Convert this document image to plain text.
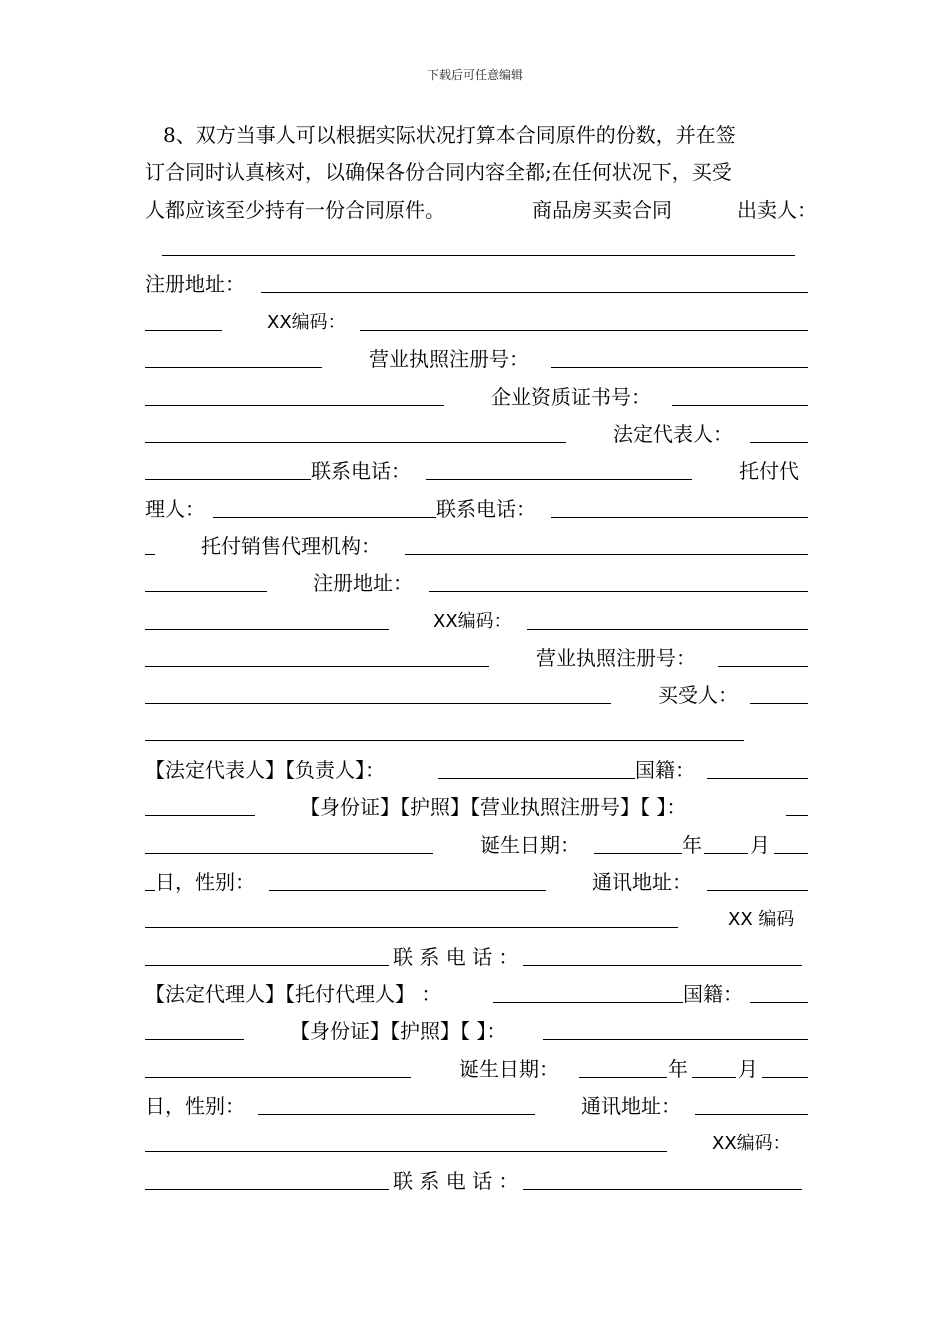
下载后可任意编辑
8、双方当事人可以根据实际状况打算本合同原件的份数，并在签
订合同时认真核对，以确保各份合同内容全都;在任何状况下，买受
人都应该至少持有一份合同原件。	商品房买卖合同	出卖人：
注册地址：
XX编码：
营业执照注册号：
企业资质证书号：
法定代表人：
联系电话：	托付代
理人：	联系电话：
托付销售代理机构：
注册地址：
XX编码：
营业执照注册号：
买受人：
【法定代表人】【负责人】：	国籍：
【身份证】【护照】【营业执照注册号】【 】：
诞生日期：	年 月
日，性别：	通讯地址：
XX 编码
联 系 电 话 ：
【法定代理人】【托付代理人】 ：	国籍：
【身份证】【护照】【 】：
诞生日期：	年	月
日，性别：	通讯地址：
XX编码：
联 系 电 话 ：
